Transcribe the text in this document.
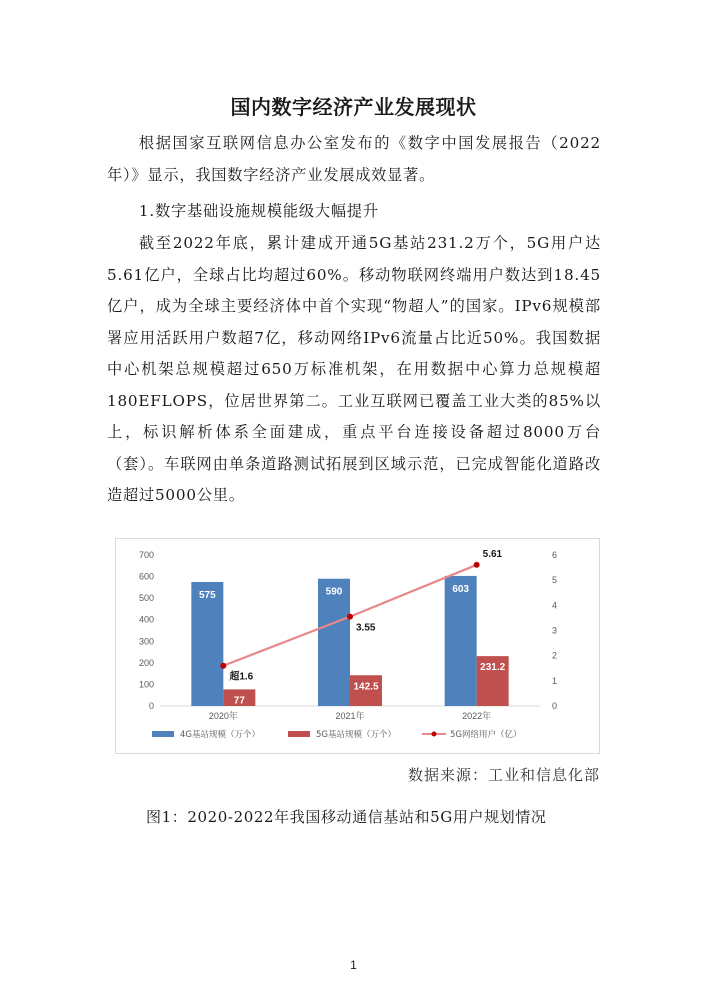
国内数字经济产业发展现状

根据国家互联网信息办公室发布的《数字中国发展报告（2022年）》显示，我国数字经济产业发展成效显著。

1.数字基础设施规模能级大幅提升

截至2022年底，累计建成开通5G基站231.2万个，5G用户达5.61亿户，全球占比均超过60%。移动物联网终端用户数达到18.45亿户，成为全球主要经济体中首个实现“物超人”的国家。IPv6规模部署应用活跃用户数超7亿，移动网络IPv6流量占比近50%。我国数据中心机架总规模超过650万标准机架，在用数据中心算力总规模超180EFLOPS，位居世界第二。工业互联网已覆盖工业大类的85%以上，标识解析体系全面建成，重点平台连接设备超过8000万台（套）。车联网由单条道路测试拓展到区域示范，已完成智能化道路改造超过5000公里。

0
100
200
300
400
500
600
700
0
1
2
3
4
5
6
2020年
575
77
2021年
590
142.5
2022年
603
231.2
超1.6
3.55
5.61
4G基站规模（万个）	5G基站规模（万个）	5G网络用户（亿）
数据来源：工业和信息化部
图1：2020-2022年我国移动通信基站和5G用户规划情况
1
